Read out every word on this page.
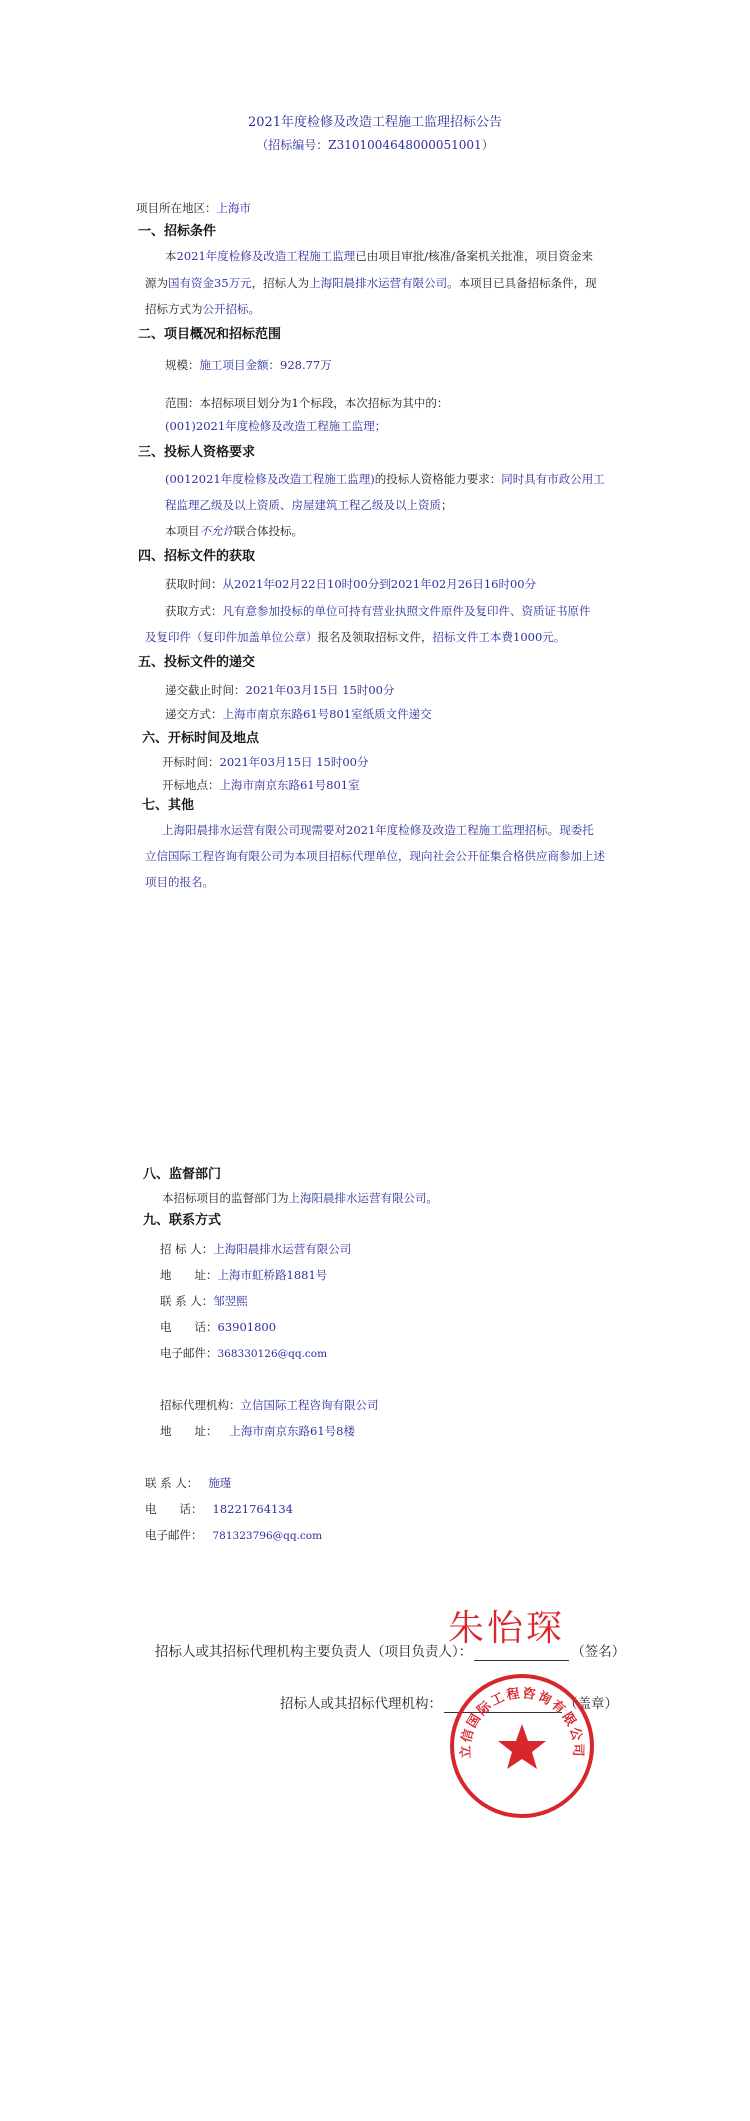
2021年度检修及改造工程施工监理招标公告
（招标编号：Z3101004648000051001）
项目所在地区：上海市
一、招标条件
本2021年度检修及改造工程施工监理已由项目审批/核准/备案机关批准，项目资金来
源为国有资金35万元，招标人为上海阳晨排水运营有限公司。本项目已具备招标条件，现
招标方式为公开招标。
二、项目概况和招标范围
规模：施工项目金额：928.77万
范围：本招标项目划分为1个标段，本次招标为其中的：
(001)2021年度检修及改造工程施工监理；
三、投标人资格要求
(0012021年度检修及改造工程施工监理)的投标人资格能力要求：同时具有市政公用工
程监理乙级及以上资质、房屋建筑工程乙级及以上资质；
本项目不允许联合体投标。
四、招标文件的获取
获取时间：从2021年02月22日10时00分到2021年02月26日16时00分
获取方式：凡有意参加投标的单位可持有营业执照文件原件及复印件、资质证书原件
及复印件（复印件加盖单位公章）报名及领取招标文件，招标文件工本费1000元。
五、投标文件的递交
递交截止时间：2021年03月15日 15时00分
递交方式：上海市南京东路61号801室纸质文件递交
六、开标时间及地点
开标时间：2021年03月15日 15时00分
开标地点：上海市南京东路61号801室
七、其他
上海阳晨排水运营有限公司现需要对2021年度检修及改造工程施工监理招标。现委托
立信国际工程咨询有限公司为本项目招标代理单位，现向社会公开征集合格供应商参加上述
项目的报名。
八、监督部门
本招标项目的监督部门为上海阳晨排水运营有限公司。
九、联系方式
招 标 人：上海阳晨排水运营有限公司
地　　址：上海市虹桥路1881号
联 系 人：邹翌熙
电　　话：63901800
电子邮件：368330126@qq.com
招标代理机构：立信国际工程咨询有限公司
地　　址： 上海市南京东路61号8楼
联 系 人： 施瑾
电　　话： 18221764134
电子邮件： 781323796@qq.com
朱怡琛
招标人或其招标代理机构主要负责人（项目负责人）：	（签名）
招标人或其招标代理机构：	（盖章）
立信国际工程咨询有限公司
